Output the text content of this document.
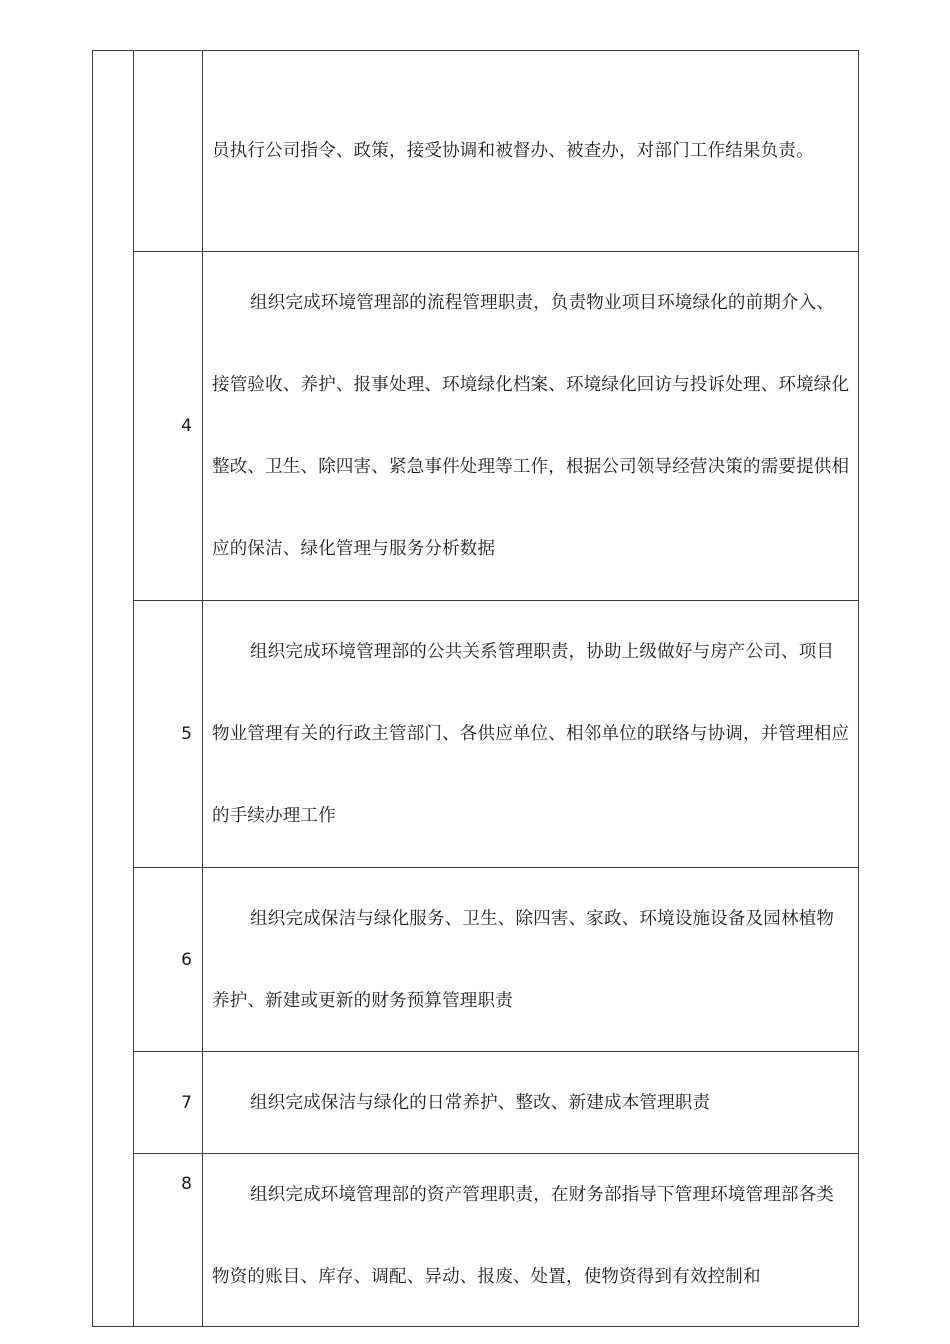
		员执行公司指令、政策，接受协调和被督办、被查办，对部门工作结果负责。
	4	组织完成环境管理部的流程管理职责，负责物业项目环境绿化的前期介入、接管验收、养护、报事处理、环境绿化档案、环境绿化回访与投诉处理、环境绿化整改、卫生、除四害、紧急事件处理等工作，根据公司领导经营决策的需要提供相应的保洁、绿化管理与服务分析数据
	5	组织完成环境管理部的公共关系管理职责，协助上级做好与房产公司、项目物业管理有关的行政主管部门、各供应单位、相邻单位的联络与协调，并管理相应的手续办理工作
	6	组织完成保洁与绿化服务、卫生、除四害、家政、环境设施设备及园林植物养护、新建或更新的财务预算管理职责
	7	组织完成保洁与绿化的日常养护、整改、新建成本管理职责
	8	组织完成环境管理部的资产管理职责，在财务部指导下管理环境管理部各类物资的账目、库存、调配、异动、报废、处置，使物资得到有效控制和
